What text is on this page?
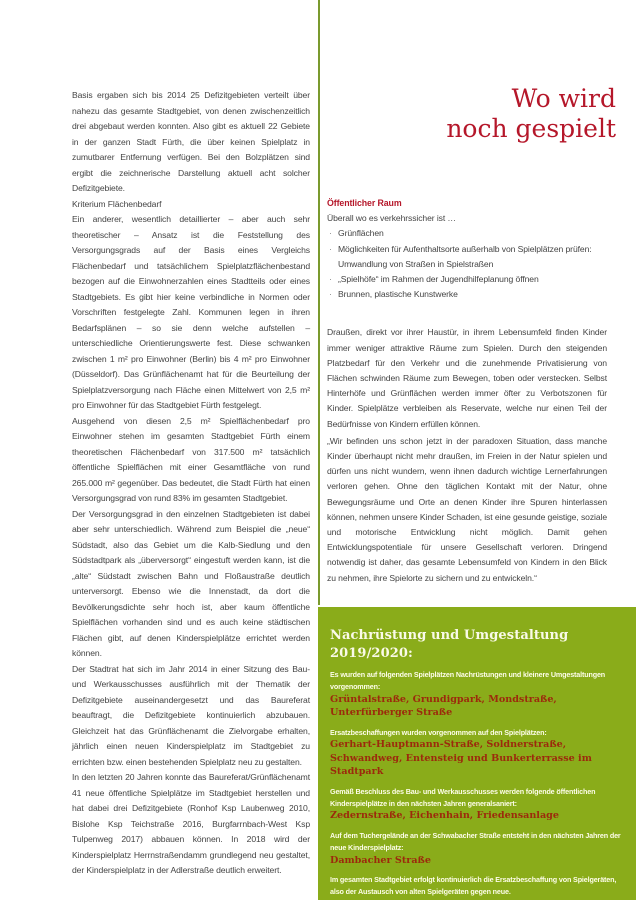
Basis ergaben sich bis 2014 25 Defizitgebieten verteilt über nahezu das gesamte Stadtgebiet, von denen zwischenzeitlich drei abgebaut werden konnten. Also gibt es aktuell 22 Gebiete in der ganzen Stadt Fürth, die über keinen Spielplatz in zumutbarer Entfernung verfügen. Bei den Bolzplätzen sind ergibt die zeichnerische Darstellung aktuell acht solcher Defizitgebiete.

Kriterium Flächenbedarf

Ein anderer, wesentlich detaillierter – aber auch sehr theoretischer – Ansatz ist die Feststellung des Versorgungsgrads auf der Basis eines Vergleichs Flächenbedarf und tatsächlichem Spielplatzflächenbestand bezogen auf die Einwohnerzahlen eines Stadtteils oder eines Stadtgebiets. Es gibt hier keine verbindliche in Normen oder Vorschriften festgelegte Zahl. Kommunen legen in ihren Bedarfsplänen – so sie denn welche aufstellen – unterschiedliche Orientierungswerte fest. Diese schwanken zwischen 1 m² pro Einwohner (Berlin) bis 4 m² pro Einwohner (Düsseldorf). Das Grünflächenamt hat für die Beurteilung der Spielplatzversorgung nach Fläche einen Mittelwert von 2,5 m² pro Einwohner für das Stadtgebiet Fürth festgelegt.

Ausgehend von diesen 2,5 m² Spielflächenbedarf pro Einwohner stehen im gesamten Stadtgebiet Fürth einem theoretischen Flächenbedarf von 317.500 m² tatsächlich öffentliche Spielflächen mit einer Gesamtfläche von rund 265.000 m² gegenüber. Das bedeutet, die Stadt Fürth hat einen Versorgungsgrad von rund 83% im gesamten Stadtgebiet.

Der Versorgungsgrad in den einzelnen Stadtgebieten ist dabei aber sehr unterschiedlich. Während zum Beispiel die „neue“ Südstadt, also das Gebiet um die Kalb-Siedlung und den Südstadtpark als „überversorgt“ eingestuft werden kann, ist die „alte“ Südstadt zwischen Bahn und Floßaustraße deutlich unterversorgt. Ebenso wie die Innenstadt, da dort die Bevölkerungsdichte sehr hoch ist, aber kaum öffentliche Spielflächen vorhanden sind und es auch keine städtischen Flächen gibt, auf denen Kinderspielplätze errichtet werden können.

Der Stadtrat hat sich im Jahr 2014 in einer Sitzung des Bau- und Werkausschusses ausführlich mit der Thematik der Defizitgebiete auseinandergesetzt und das Baureferat beauftragt, die Defizitgebiete kontinuierlich abzubauen. Gleichzeit hat das Grünflächenamt die Zielvorgabe erhalten, jährlich einen neuen Kinderspielplatz im Stadtgebiet zu errichten bzw. einen bestehenden Spielplatz neu zu gestalten.

In den letzten 20 Jahren konnte das Baureferat/Grünflächenamt 41 neue öffentliche Spielplätze im Stadtgebiet herstellen und hat dabei drei Defizitgebiete (Ronhof Ksp Laubenweg 2010, Bislohe Ksp Teichstraße 2016, Burgfarrnbach-West Ksp Tulpenweg 2017) abbauen können. In 2018 wird der Kinderspielplatz Herrnstraßendamm grundlegend neu gestaltet, der Kinderspielplatz in der Adlerstraße deutlich erweitert.

Wo wird
noch gespielt
Öffentlicher Raum
Überall wo es verkehrssicher ist …
· Grünflächen
· Möglichkeiten für Aufenthaltsorte außerhalb von Spielplätzen prüfen: Umwandlung von Straßen in Spielstraßen
· „Spielhöfe“ im Rahmen der Jugendhilfeplanung öffnen
· Brunnen, plastische Kunstwerke

Draußen, direkt vor ihrer Haustür, in ihrem Lebensumfeld finden Kinder immer weniger attraktive Räume zum Spielen. Durch den steigenden Platzbedarf für den Verkehr und die zunehmende Privatisierung von Flächen schwinden Räume zum Bewegen, toben oder verstecken. Selbst Hinterhöfe und Grünflächen werden immer öfter zu Verbotszonen für Kinder. Spielplätze verbleiben als Reservate, welche nur einen Teil der Bedürfnisse von Kindern erfüllen können.

„Wir befinden uns schon jetzt in der paradoxen Situation, dass manche Kinder überhaupt nicht mehr draußen, im Freien in der Natur spielen und dürfen uns nicht wundern, wenn ihnen dadurch wichtige Lernerfahrungen verloren gehen. Ohne den täglichen Kontakt mit der Natur, ohne Bewegungsräume und Orte an denen Kinder ihre Spuren hinterlassen können, nehmen unsere Kinder Schaden, ist eine gesunde geistige, soziale und motorische Entwicklung nicht möglich. Damit gehen Entwicklungspotentiale für unsere Gesellschaft verloren. Dringend notwendig ist daher, das gesamte Lebensumfeld von Kindern in den Blick zu nehmen, ihre Spielorte zu sichern und zu entwickeln.“

Nachrüstung und Umgestaltung 2019/2020:
Es wurden auf folgenden Spielplätzen Nachrüstungen und kleinere Umgestaltungen vorgenommen:
Grüntalstraße, Grundigpark, Mondstraße, Unterfürberger Straße
Ersatzbeschaffungen wurden vorgenommen auf den Spielplätzen:
Gerhart-Hauptmann-Straße, Soldnerstraße, Schwandweg, Entensteig und Bunkerterrasse im Stadtpark
Gemäß Beschluss des Bau- und Werkausschusses werden folgende öffentlichen Kinderspielplätze in den nächsten Jahren generalsaniert:
Zedernstraße, Eichenhain, Friedensanlage
Auf dem Tuchergelände an der Schwabacher Straße entsteht in den nächsten Jahren der neue Kinderspielplatz:
Dambacher Straße
Im gesamten Stadtgebiet erfolgt kontinuierlich die Ersatzbeschaffung von Spielgeräten, also der Austausch von alten Spielgeräten gegen neue.
